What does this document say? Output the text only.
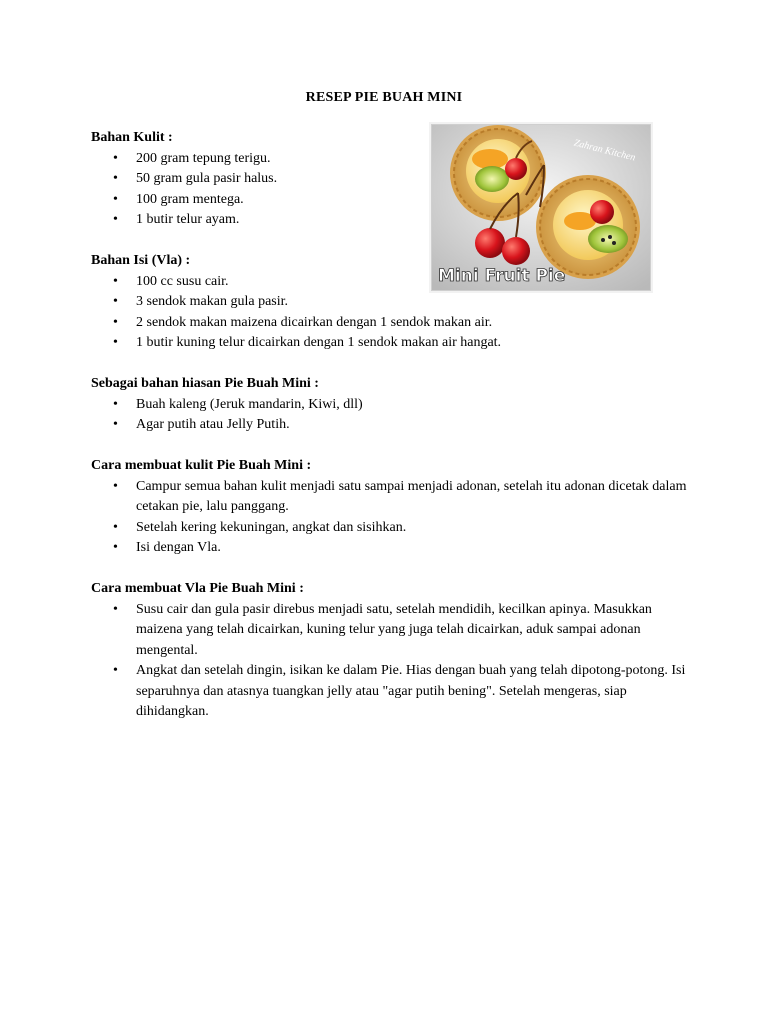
RESEP PIE BUAH MINI
Zahran Kitchen
Mini Fruit Pie
Bahan Kulit :
• 200 gram tepung terigu.
• 50 gram gula pasir halus.
• 100 gram mentega.
• 1 butir telur ayam.
Bahan Isi (Vla) :
• 100 cc susu cair.
• 3 sendok makan gula pasir.
• 2 sendok makan maizena dicairkan dengan 1 sendok makan air.
• 1 butir kuning telur dicairkan dengan 1 sendok makan air hangat.
Sebagai bahan hiasan Pie Buah Mini :
• Buah kaleng (Jeruk mandarin, Kiwi, dll)
• Agar putih atau Jelly Putih.
Cara membuat kulit Pie Buah Mini :
• Campur semua bahan kulit menjadi satu sampai menjadi adonan, setelah itu adonan dicetak dalam cetakan pie, lalu panggang.
• Setelah kering kekuningan, angkat dan sisihkan.
• Isi dengan Vla.
Cara membuat Vla Pie Buah Mini :
• Susu cair dan gula pasir direbus menjadi satu, setelah mendidih, kecilkan apinya. Masukkan maizena yang telah dicairkan, kuning telur yang juga telah dicairkan, aduk sampai adonan mengental.
• Angkat dan setelah dingin, isikan ke dalam Pie. Hias dengan buah yang telah dipotong-potong. Isi separuhnya dan atasnya tuangkan jelly atau "agar putih bening". Setelah mengeras, siap dihidangkan.
